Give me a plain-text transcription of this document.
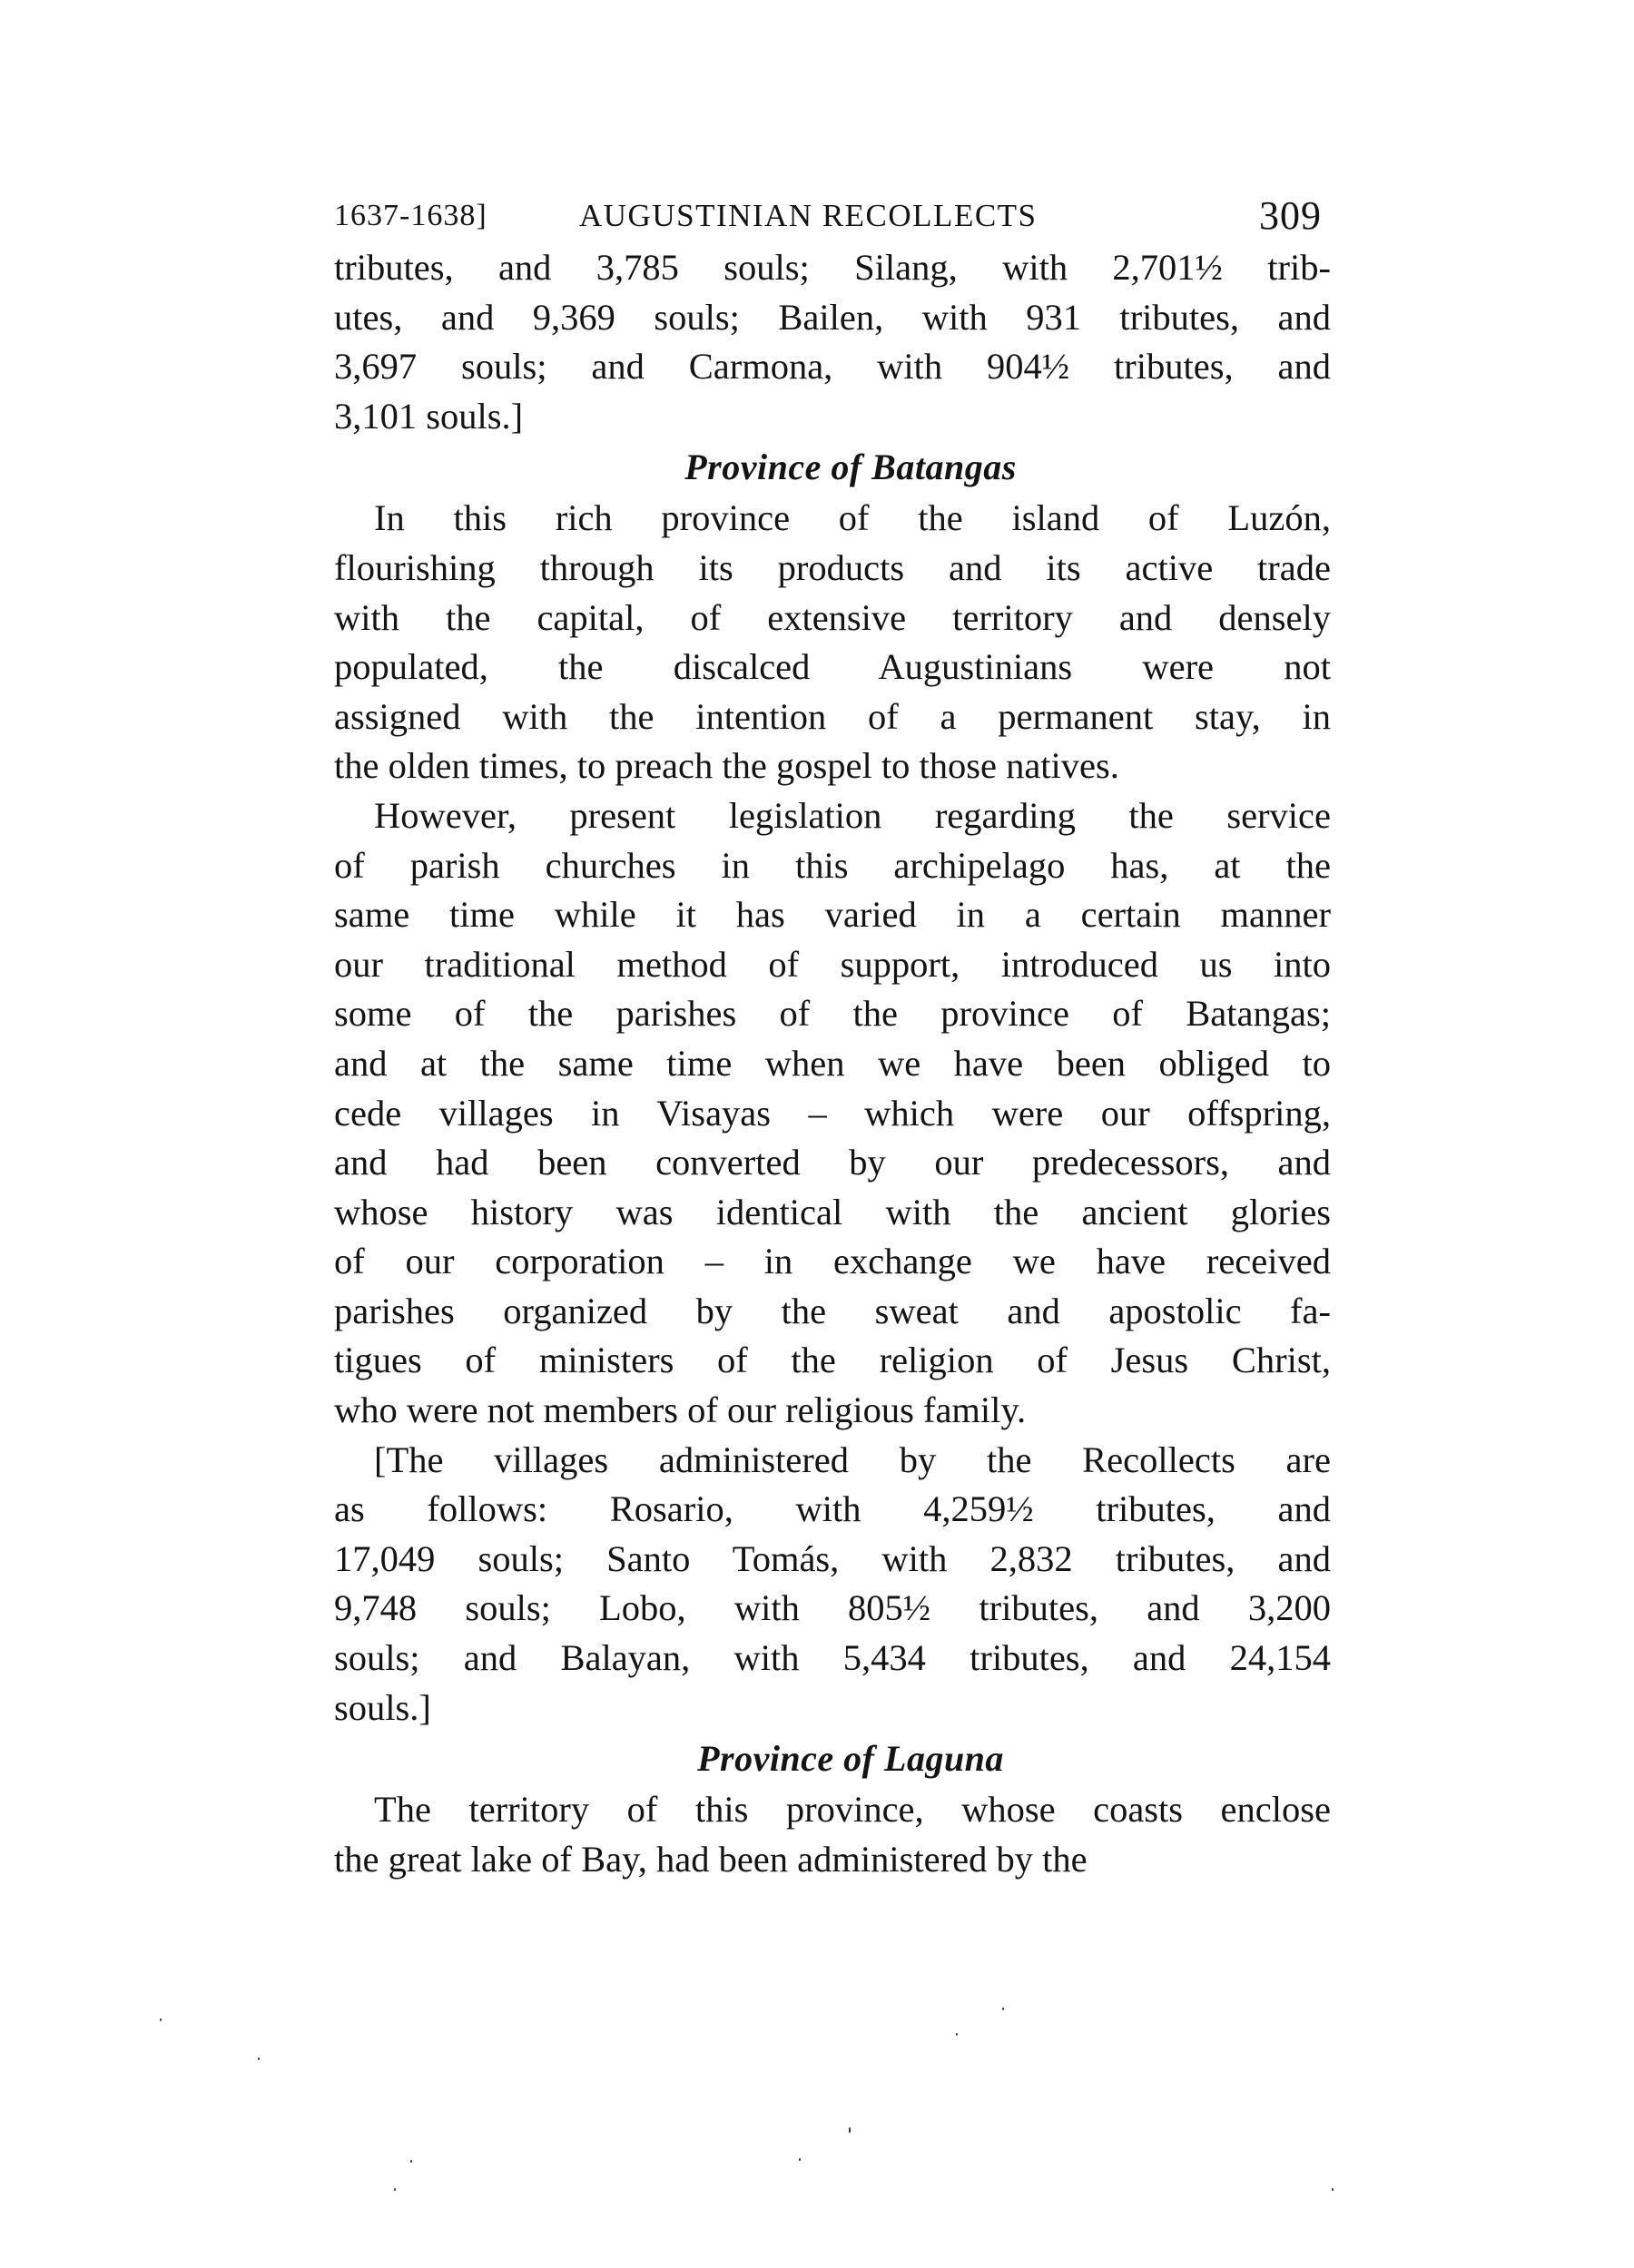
1637-1638]	AUGUSTINIAN RECOLLECTS	309
tributes, and 3,785 souls; Silang, with 2,701½ trib-
utes, and 9,369 souls; Bailen, with 931 tributes, and
3,697 souls; and Carmona, with 904½ tributes, and
3,101 souls.]
Province of Batangas
In this rich province of the island of Luzón,
flourishing through its products and its active trade
with the capital, of extensive territory and densely
populated, the discalced Augustinians were not
assigned with the intention of a permanent stay, in
the olden times, to preach the gospel to those natives.
However, present legislation regarding the service
of parish churches in this archipelago has, at the
same time while it has varied in a certain manner
our traditional method of support, introduced us into
some of the parishes of the province of Batangas;
and at the same time when we have been obliged to
cede villages in Visayas – which were our offspring,
and had been converted by our predecessors, and
whose history was identical with the ancient glories
of our corporation – in exchange we have received
parishes organized by the sweat and apostolic fa-
tigues of ministers of the religion of Jesus Christ,
who were not members of our religious family.
[The villages administered by the Recollects are
as follows: Rosario, with 4,259½ tributes, and
17,049 souls; Santo Tomás, with 2,832 tributes, and
9,748 souls; Lobo, with 805½ tributes, and 3,200
souls; and Balayan, with 5,434 tributes, and 24,154
souls.]
Province of Laguna
The territory of this province, whose coasts enclose
the great lake of Bay, had been administered by the
